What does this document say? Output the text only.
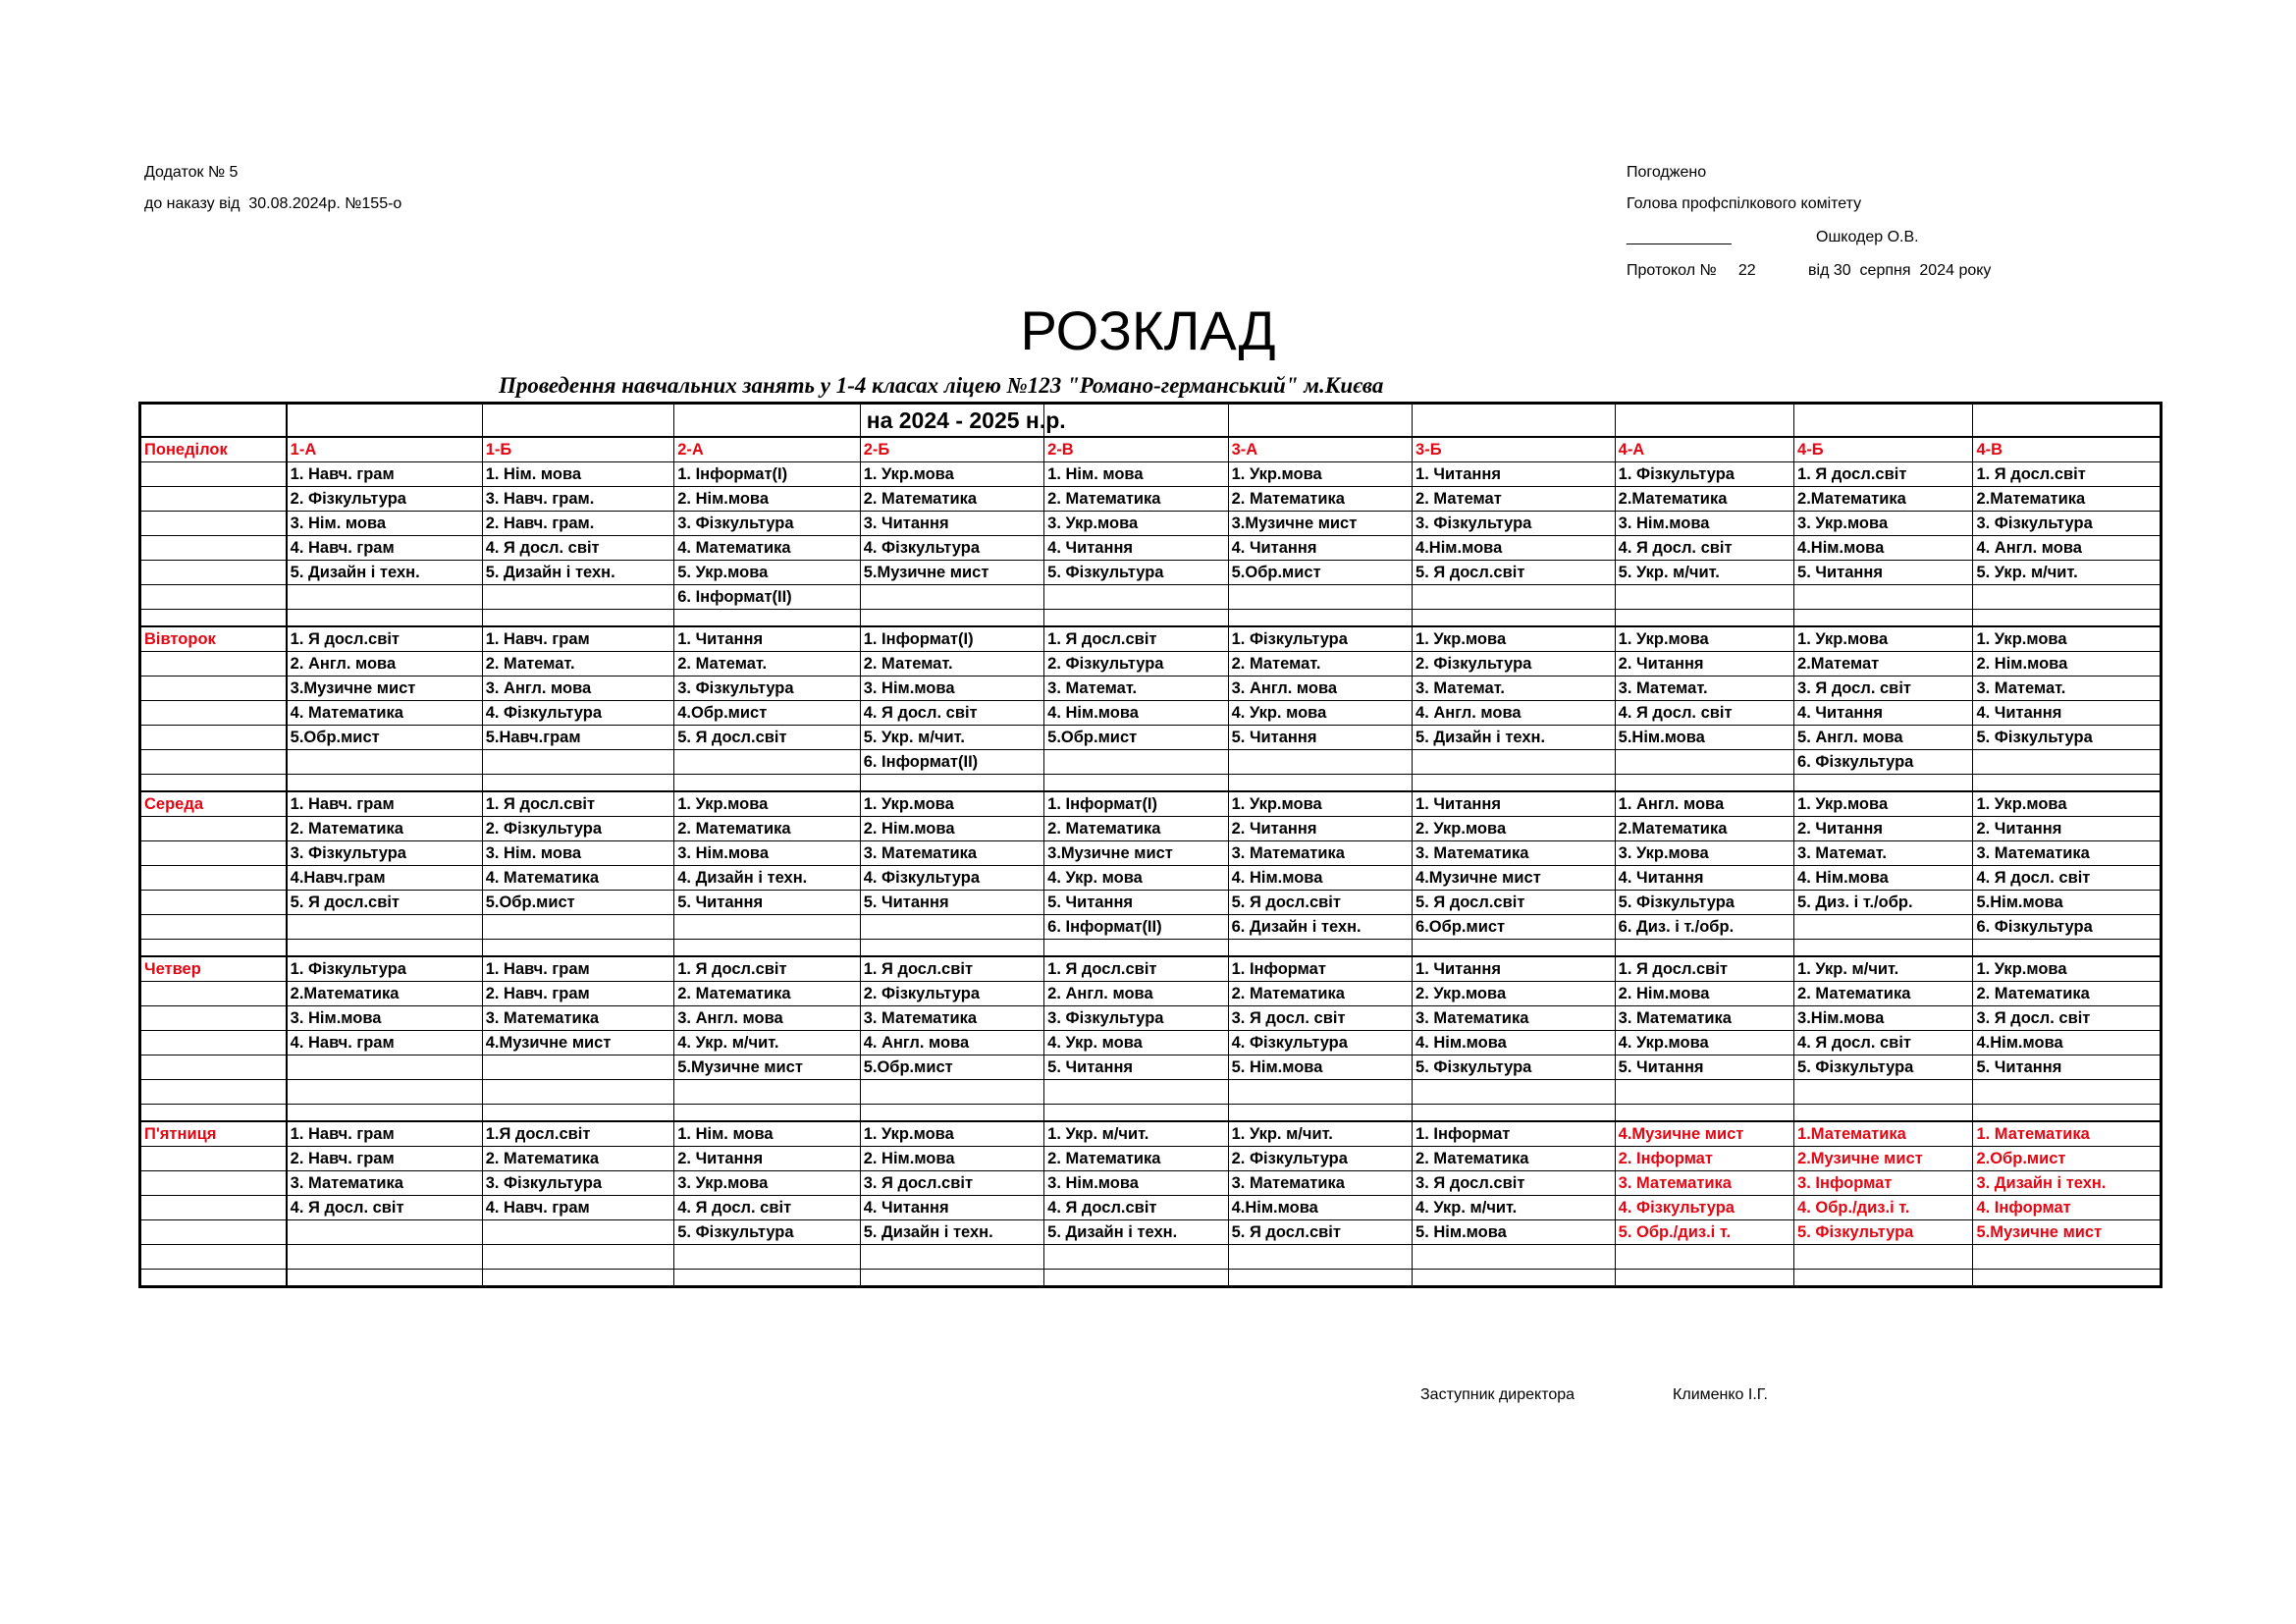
Додаток № 5
до наказу від  30.08.2024р. №155-о
Погоджено
Голова профспілкового комітету
____________	Ошкодер О.В.
Протокол №     22            від 30  серпня  2024 року
РОЗКЛАД
Проведення навчальних занять у 1-4 класах ліцею №123 "Романо-германський" м.Києва
				на 2024 - 2025 н.р.						
Понеділок	1-А	1-Б	2-А	2-Б	2-В	3-А	3-Б	4-А	4-Б	4-В
	1. Навч. грам	1. Нім. мова	1. Інформат(І)	1. Укр.мова	1. Нім. мова	1. Укр.мова	1. Читання	1. Фізкультура	1. Я досл.світ	1. Я досл.світ
	2. Фізкультура	3. Навч. грам.	2. Нім.мова	2. Математика	2. Математика	2. Математика	2. Математ	2.Математика	2.Математика	2.Математика
	3. Нім. мова	2. Навч. грам.	3. Фізкультура	3. Читання	3. Укр.мова	3.Музичне мист	3. Фізкультура	3. Нім.мова	3. Укр.мова	3. Фізкультура
	4. Навч. грам	4. Я досл. світ	4. Математика	4. Фізкультура	4. Читання	4. Читання	4.Нім.мова	4. Я досл. світ	4.Нім.мова	4. Англ. мова
	5. Дизайн і техн.	5. Дизайн і техн.	5. Укр.мова	5.Музичне мист	5. Фізкультура	5.Обр.мист	5. Я досл.світ	5. Укр. м/чит.	5. Читання	5. Укр. м/чит.
			6. Інформат(ІІ)							

Вівторок	1. Я досл.світ	1. Навч. грам	1. Читання	1. Інформат(І)	1. Я досл.світ	1. Фізкультура	1. Укр.мова	1. Укр.мова	1. Укр.мова	1. Укр.мова
	2. Англ. мова	2. Математ.	2. Математ.	2. Математ.	2. Фізкультура	2. Математ.	2. Фізкультура	2. Читання	2.Математ	2. Нім.мова
	3.Музичне мист	3. Англ. мова	3. Фізкультура	3. Нім.мова	3. Математ.	3. Англ. мова	3. Математ.	3. Математ.	3. Я досл. світ	3. Математ.
	4. Математика	4. Фізкультура	4.Обр.мист	4. Я досл. світ	4. Нім.мова	4. Укр. мова	4. Англ. мова	4. Я досл. світ	4. Читання	4. Читання
	5.Обр.мист	5.Навч.грам	5. Я досл.світ	5. Укр. м/чит.	5.Обр.мист	5. Читання	5. Дизайн і техн.	5.Нім.мова	5. Англ. мова	5. Фізкультура
				6. Інформат(ІІ)					6. Фізкультура	

Середа	1. Навч. грам	1. Я досл.світ	1. Укр.мова	1. Укр.мова	1. Інформат(І)	1. Укр.мова	1. Читання	1. Англ. мова	1. Укр.мова	1. Укр.мова
	2. Математика	2. Фізкультура	2. Математика	2. Нім.мова	2. Математика	2. Читання	2. Укр.мова	2.Математика	2. Читання	2. Читання
	3. Фізкультура	3. Нім. мова	3. Нім.мова	3. Математика	3.Музичне мист	3. Математика	3. Математика	3. Укр.мова	3. Математ.	3. Математика
	4.Навч.грам	4. Математика	4. Дизайн і техн.	4. Фізкультура	4. Укр. мова	4. Нім.мова	4.Музичне мист	4. Читання	4. Нім.мова	4. Я досл. світ
	5. Я досл.світ	5.Обр.мист	5. Читання	5. Читання	5. Читання	5. Я досл.світ	5. Я досл.світ	5. Фізкультура	5. Диз. і т./обр.	5.Нім.мова
					6. Інформат(ІІ)	6. Дизайн і техн.	6.Обр.мист	6. Диз. і т./обр.		6. Фізкультура

Четвер	1. Фізкультура	1. Навч. грам	1. Я досл.світ	1. Я досл.світ	1. Я досл.світ	1. Інформат	1. Читання	1. Я досл.світ	1. Укр. м/чит.	1. Укр.мова
	2.Математика	2. Навч. грам	2. Математика	2. Фізкультура	2. Англ. мова	2. Математика	2. Укр.мова	2. Нім.мова	2. Математика	2. Математика
	3. Нім.мова	3. Математика	3. Англ. мова	3. Математика	3. Фізкультура	3. Я досл. світ	3. Математика	3. Математика	3.Нім.мова	3. Я досл. світ
	4. Навч. грам	4.Музичне мист	4. Укр. м/чит.	4. Англ. мова	4. Укр. мова	4. Фізкультура	4. Нім.мова	4. Укр.мова	4. Я досл. світ	4.Нім.мова
			5.Музичне мист	5.Обр.мист	5. Читання	5. Нім.мова	5. Фізкультура	5. Читання	5. Фізкультура	5. Читання

П'ятниця	1. Навч. грам	1.Я досл.світ	1. Нім. мова	1. Укр.мова	1. Укр. м/чит.	1. Укр. м/чит.	1. Інформат	4.Музичне мист	1.Математика	1. Математика
	2. Навч. грам	2. Математика	2. Читання	2. Нім.мова	2. Математика	2. Фізкультура	2. Математика	2. Інформат	2.Музичне мист	2.Обр.мист
	3. Математика	3. Фізкультура	3. Укр.мова	3. Я досл.світ	3. Нім.мова	3. Математика	3. Я досл.світ	3. Математика	3. Інформат	3. Дизайн і техн.
	4. Я досл. світ	4. Навч. грам	4. Я досл. світ	4. Читання	4. Я досл.світ	4.Нім.мова	4. Укр. м/чит.	4. Фізкультура	4. Обр./диз.і т.	4. Інформат
			5. Фізкультура	5. Дизайн і техн.	5. Дизайн і техн.	5. Я досл.світ	5. Нім.мова	5. Обр./диз.і т.	5. Фізкультура	5.Музичне мист

Заступник директора	Клименко І.Г.
